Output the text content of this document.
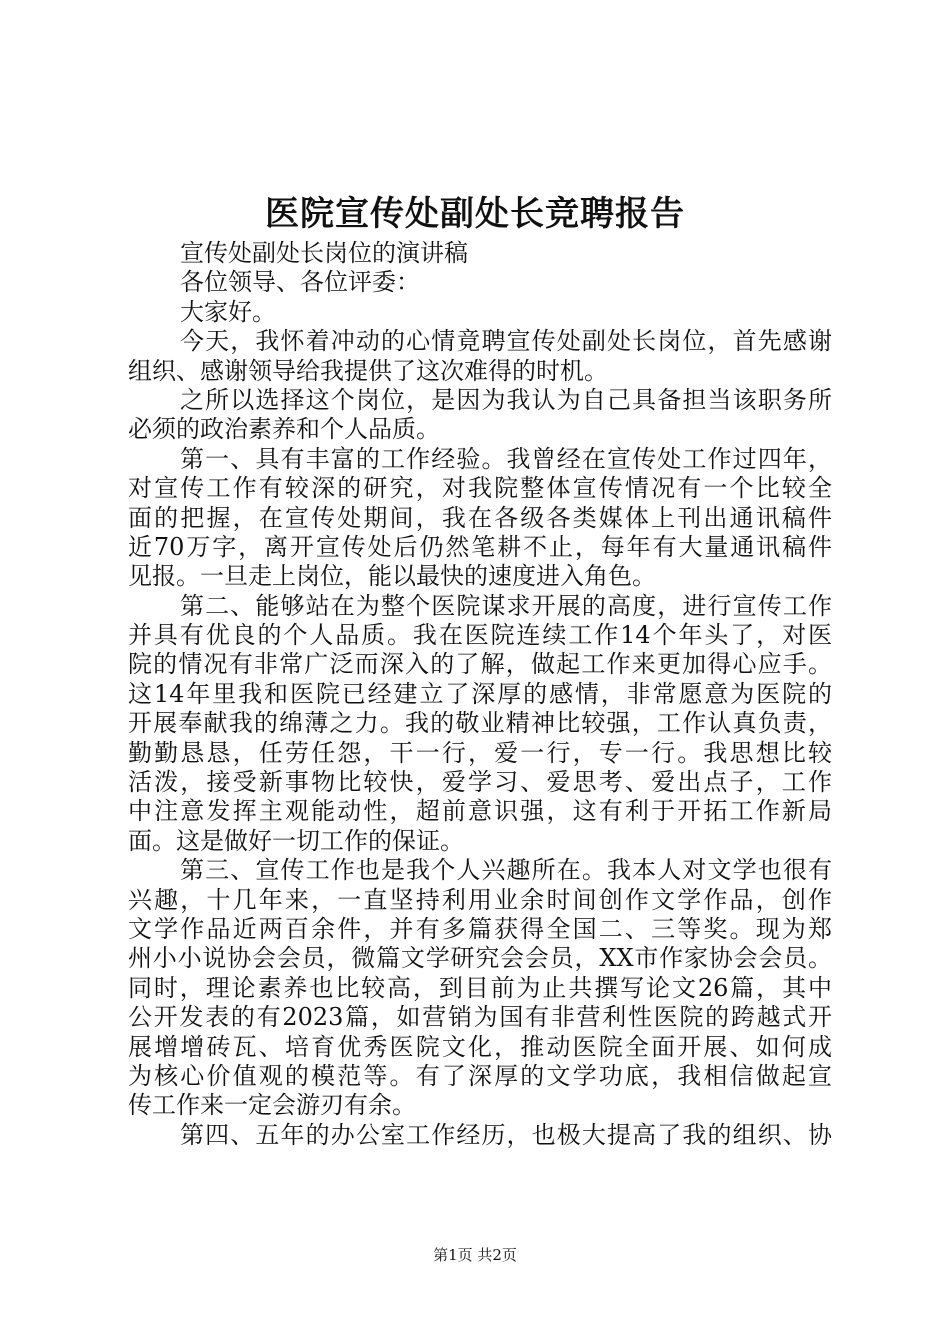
医院宣传处副处长竞聘报告
宣传处副处长岗位的演讲稿
各位领导、各位评委：
大家好。
今天，我怀着冲动的心情竟聘宣传处副处长岗位，首先感谢
组织、感谢领导给我提供了这次难得的时机。
之所以选择这个岗位，是因为我认为自己具备担当该职务所
必须的政治素养和个人品质。
第一、具有丰富的工作经验。我曾经在宣传处工作过四年，
对宣传工作有较深的研究，对我院整体宣传情况有一个比较全
面的把握，在宣传处期间，我在各级各类媒体上刊出通讯稿件
近70万字，离开宣传处后仍然笔耕不止，每年有大量通讯稿件
见报。一旦走上岗位，能以最快的速度进入角色。
第二、能够站在为整个医院谋求开展的高度，进行宣传工作
并具有优良的个人品质。我在医院连续工作14个年头了，对医
院的情况有非常广泛而深入的了解，做起工作来更加得心应手。
这14年里我和医院已经建立了深厚的感情，非常愿意为医院的
开展奉献我的绵薄之力。我的敬业精神比较强，工作认真负责，
勤勤恳恳，任劳任怨，干一行，爱一行，专一行。我思想比较
活泼，接受新事物比较快，爱学习、爱思考、爱出点子，工作
中注意发挥主观能动性，超前意识强，这有利于开拓工作新局
面。这是做好一切工作的保证。
第三、宣传工作也是我个人兴趣所在。我本人对文学也很有
兴趣，十几年来，一直坚持利用业余时间创作文学作品，创作
文学作品近两百余件，并有多篇获得全国二、三等奖。现为郑
州小小说协会会员，微篇文学研究会会员，XX市作家协会会员。
同时，理论素养也比较高，到目前为止共撰写论文26篇，其中
公开发表的有2023篇，如营销为国有非营利性医院的跨越式开
展增增砖瓦、培育优秀医院文化，推动医院全面开展、如何成
为核心价值观的模范等。有了深厚的文学功底，我相信做起宣
传工作来一定会游刃有余。
第四、五年的办公室工作经历，也极大提高了我的组织、协
第1页 共2页
